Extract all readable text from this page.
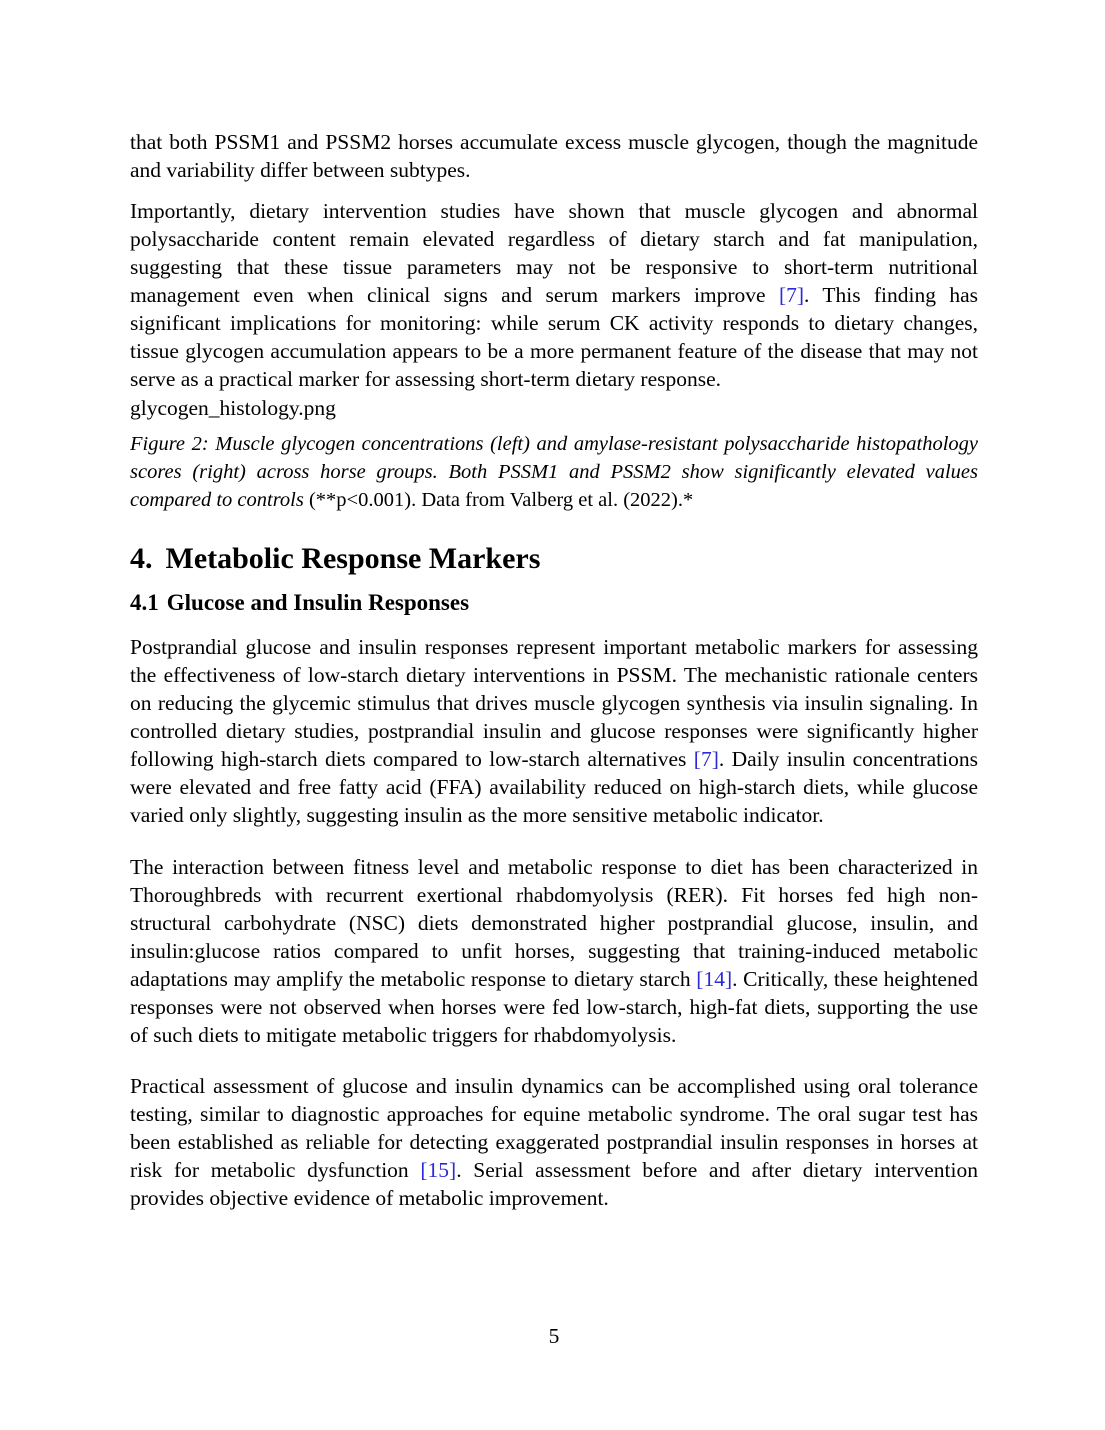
that both PSSM1 and PSSM2 horses accumulate excess muscle glycogen, though the magnitude and variability differ between subtypes.

Importantly, dietary intervention studies have shown that muscle glycogen and abnormal polysaccharide content remain elevated regardless of dietary starch and fat manipulation, suggesting that these tissue parameters may not be responsive to short-term nutritional management even when clinical signs and serum markers improve [7]. This finding has significant implications for monitoring: while serum CK activity responds to dietary changes, tissue glycogen accumulation appears to be a more permanent feature of the disease that may not serve as a practical marker for assessing short-term dietary response.

glycogen_histology.png

Figure 2: Muscle glycogen concentrations (left) and amylase-resistant polysaccharide histopathology scores (right) across horse groups. Both PSSM1 and PSSM2 show significantly elevated values compared to controls (**p<0.001). Data from Valberg et al. (2022).*

4. Metabolic Response Markers
4.1 Glucose and Insulin Responses

Postprandial glucose and insulin responses represent important metabolic markers for assessing the effectiveness of low-starch dietary interventions in PSSM. The mechanistic rationale centers on reducing the glycemic stimulus that drives muscle glycogen synthesis via insulin signaling. In controlled dietary studies, postprandial insulin and glucose responses were significantly higher following high-starch diets compared to low-starch alternatives [7]. Daily insulin concentrations were elevated and free fatty acid (FFA) availability reduced on high-starch diets, while glucose varied only slightly, suggesting insulin as the more sensitive metabolic indicator.

The interaction between fitness level and metabolic response to diet has been characterized in Thoroughbreds with recurrent exertional rhabdomyolysis (RER). Fit horses fed high non-structural carbohydrate (NSC) diets demonstrated higher postprandial glucose, insulin, and insulin:glucose ratios compared to unfit horses, suggesting that training-induced metabolic adaptations may amplify the metabolic response to dietary starch [14]. Critically, these heightened responses were not observed when horses were fed low-starch, high-fat diets, supporting the use of such diets to mitigate metabolic triggers for rhabdomyolysis.

Practical assessment of glucose and insulin dynamics can be accomplished using oral tolerance testing, similar to diagnostic approaches for equine metabolic syndrome. The oral sugar test has been established as reliable for detecting exaggerated postprandial insulin responses in horses at risk for metabolic dysfunction [15]. Serial assessment before and after dietary intervention provides objective evidence of metabolic improvement.

5
